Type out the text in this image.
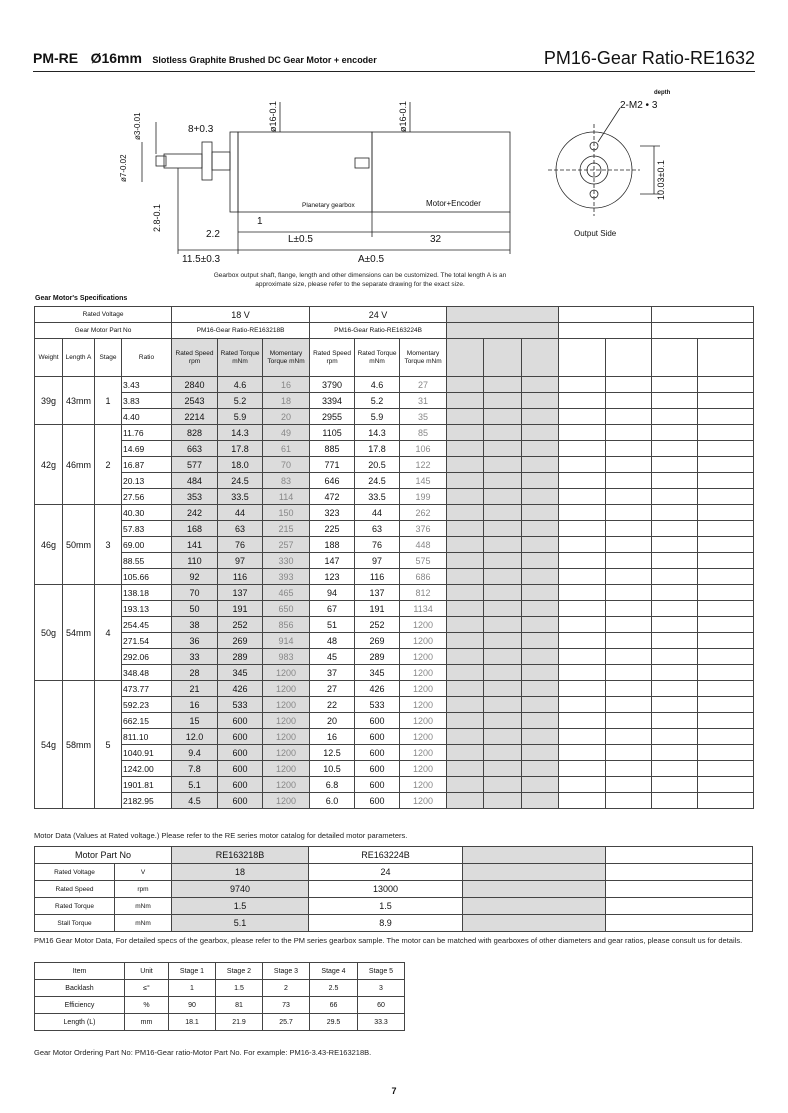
PM-RE Ø16mm Slotless Graphite Brushed DC Gear Motor + encoder	PM16-Gear Ratio-RE1632
ø3-0.01	8+0.3
ø7-0.02
ø16-0.1	ø16-0.1
2.8-0.1
2.2
1
11.5±0.3
L±0.5	32
A±0.5
Planetary gearbox	Motor+Encoder
depth
2-M2 • 3
10.03±0.1
Output Side
Gearbox output shaft, flange, length and other dimensions can be customized. The total length A is an approximate size, please refer to the separate drawing for the exact size.
Gear Motor's Specifications
Rated Voltage				18 V			24 V									
Gear Motor Part No				PM16-Gear Ratio-RE163218B			PM16-Gear Ratio-RE163224B									
Weight	Length A	Stage	Ratio	Rated Speed rpm	Rated Torque mNm	Momentary Torque mNm	Rated Speed rpm	Rated Torque mNm	Momentary Torque mNm							
39g	43mm	1	3.43	2840	4.6	16	3790	4.6	27							
			3.83	2543	5.2	18	3394	5.2	31							
			4.40	2214	5.9	20	2955	5.9	35							
42g	46mm	2	11.76	828	14.3	49	1105	14.3	85							
			14.69	663	17.8	61	885	17.8	106							
			16.87	577	18.0	70	771	20.5	122							
			20.13	484	24.5	83	646	24.5	145							
			27.56	353	33.5	114	472	33.5	199							
46g	50mm	3	40.30	242	44	150	323	44	262							
			57.83	168	63	215	225	63	376							
			69.00	141	76	257	188	76	448							
			88.55	110	97	330	147	97	575							
			105.66	92	116	393	123	116	686							
50g	54mm	4	138.18	70	137	465	94	137	812							
			193.13	50	191	650	67	191	1134							
			254.45	38	252	856	51	252	1200							
			271.54	36	269	914	48	269	1200							
			292.06	33	289	983	45	289	1200							
			348.48	28	345	1200	37	345	1200							
54g	58mm	5	473.77	21	426	1200	27	426	1200							
			592.23	16	533	1200	22	533	1200							
			662.15	15	600	1200	20	600	1200							
			811.10	12.0	600	1200	16	600	1200							
			1040.91	9.4	600	1200	12.5	600	1200							
			1242.00	7.8	600	1200	10.5	600	1200							
			1901.81	5.1	600	1200	6.8	600	1200							
			2182.95	4.5	600	1200	6.0	600	1200							
Motor Data (Values at Rated voltage.) Please refer to the RE series motor catalog for detailed motor parameters.
Motor Part No		RE163218B	RE163224B		
Rated Voltage	V	18	24		
Rated Speed	rpm	9740	13000		
Rated Torque	mNm	1.5	1.5		
Stall Torque	mNm	5.1	8.9		
PM16 Gear Motor Data, For detailed specs of the gearbox, please refer to the PM series gearbox sample. The motor can be matched with gearboxes of other diameters and gear ratios, please consult us for details.
Item	Unit	Stage 1	Stage 2	Stage 3	Stage 4	Stage 5
Backlash	≤°	1	1.5	2	2.5	3
Efficiency	%	90	81	73	66	60
Length (L)	mm	18.1	21.9	25.7	29.5	33.3
Gear Motor Ordering Part No: PM16-Gear ratio-Motor Part No. For example: PM16-3.43-RE163218B.
7
